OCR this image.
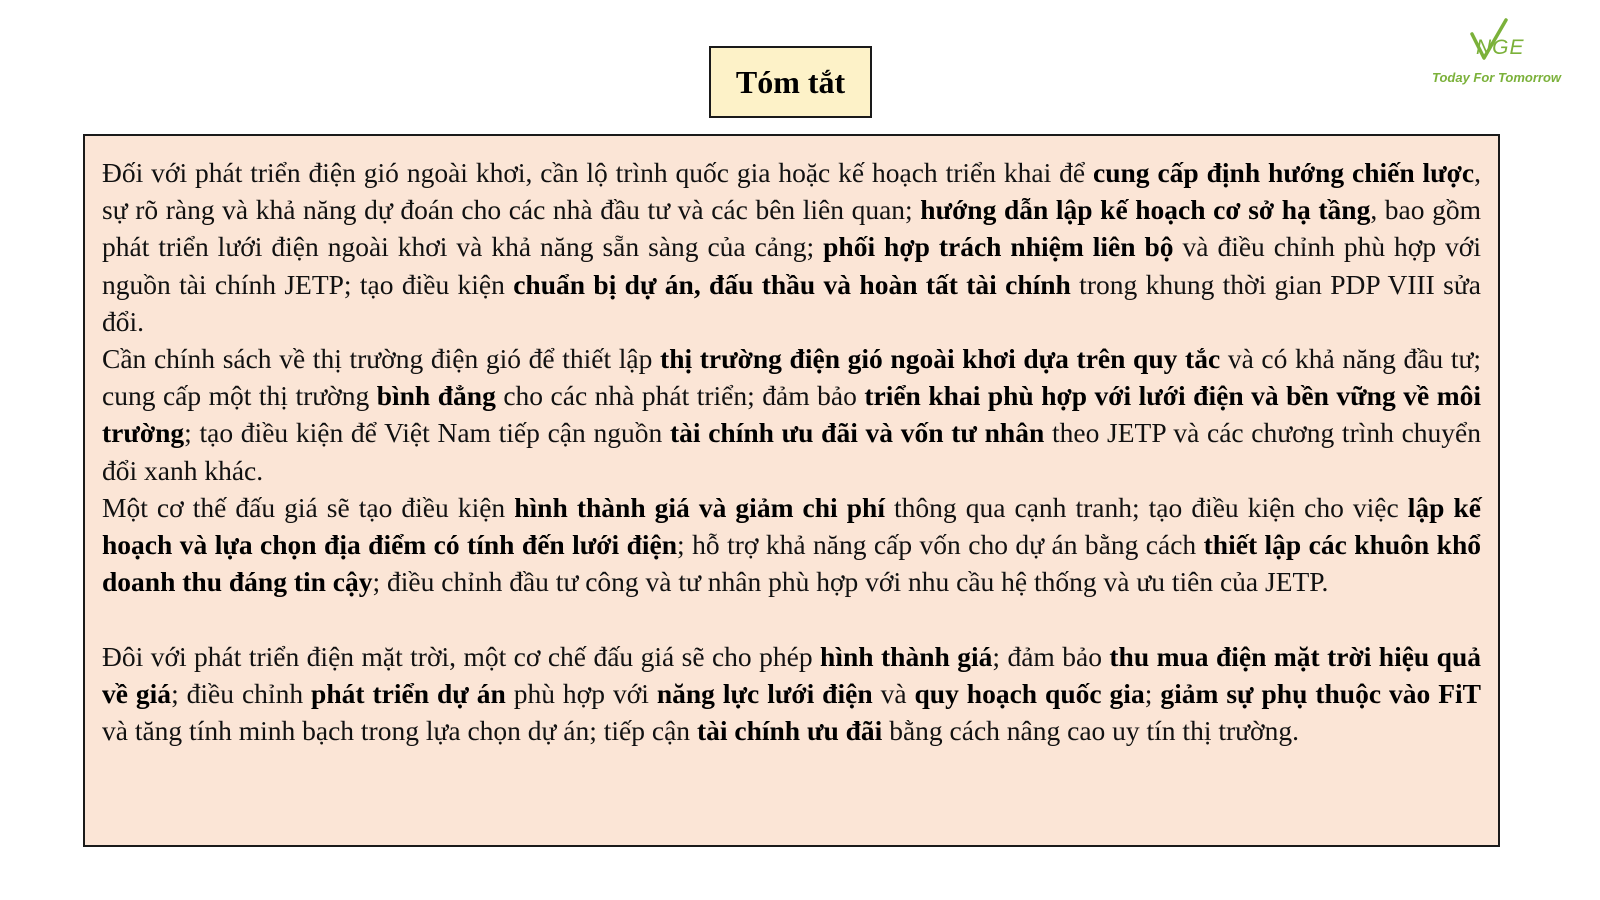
Tóm tắt
NGE
Today For Tomorrow

Đối với phát triển điện gió ngoài khơi, cần lộ trình quốc gia hoặc kế hoạch triển khai để cung cấp định hướng chiến lược, sự rõ ràng và khả năng dự đoán cho các nhà đầu tư và các bên liên quan; hướng dẫn lập kế hoạch cơ sở hạ tầng, bao gồm phát triển lưới điện ngoài khơi và khả năng sẵn sàng của cảng; phối hợp trách nhiệm liên bộ và điều chỉnh phù hợp với nguồn tài chính JETP; tạo điều kiện chuẩn bị dự án, đấu thầu và hoàn tất tài chính trong khung thời gian PDP VIII sửa đổi.

Cần chính sách về thị trường điện gió để thiết lập thị trường điện gió ngoài khơi dựa trên quy tắc và có khả năng đầu tư; cung cấp một thị trường bình đẳng cho các nhà phát triển; đảm bảo triển khai phù hợp với lưới điện và bền vững về môi trường; tạo điều kiện để Việt Nam tiếp cận nguồn tài chính ưu đãi và vốn tư nhân theo JETP và các chương trình chuyển đổi xanh khác.

Một cơ thế đấu giá sẽ tạo điều kiện hình thành giá và giảm chi phí thông qua cạnh tranh; tạo điều kiện cho việc lập kế hoạch và lựa chọn địa điểm có tính đến lưới điện; hỗ trợ khả năng cấp vốn cho dự án bằng cách thiết lập các khuôn khổ doanh thu đáng tin cậy; điều chỉnh đầu tư công và tư nhân phù hợp với nhu cầu hệ thống và ưu tiên của JETP.

Đôi với phát triển điện mặt trời, một cơ chế đấu giá sẽ cho phép hình thành giá; đảm bảo thu mua điện mặt trời hiệu quả về giá; điều chỉnh phát triển dự án phù hợp với năng lực lưới điện và quy hoạch quốc gia; giảm sự phụ thuộc vào FiT và tăng tính minh bạch trong lựa chọn dự án; tiếp cận tài chính ưu đãi bằng cách nâng cao uy tín thị trường.
